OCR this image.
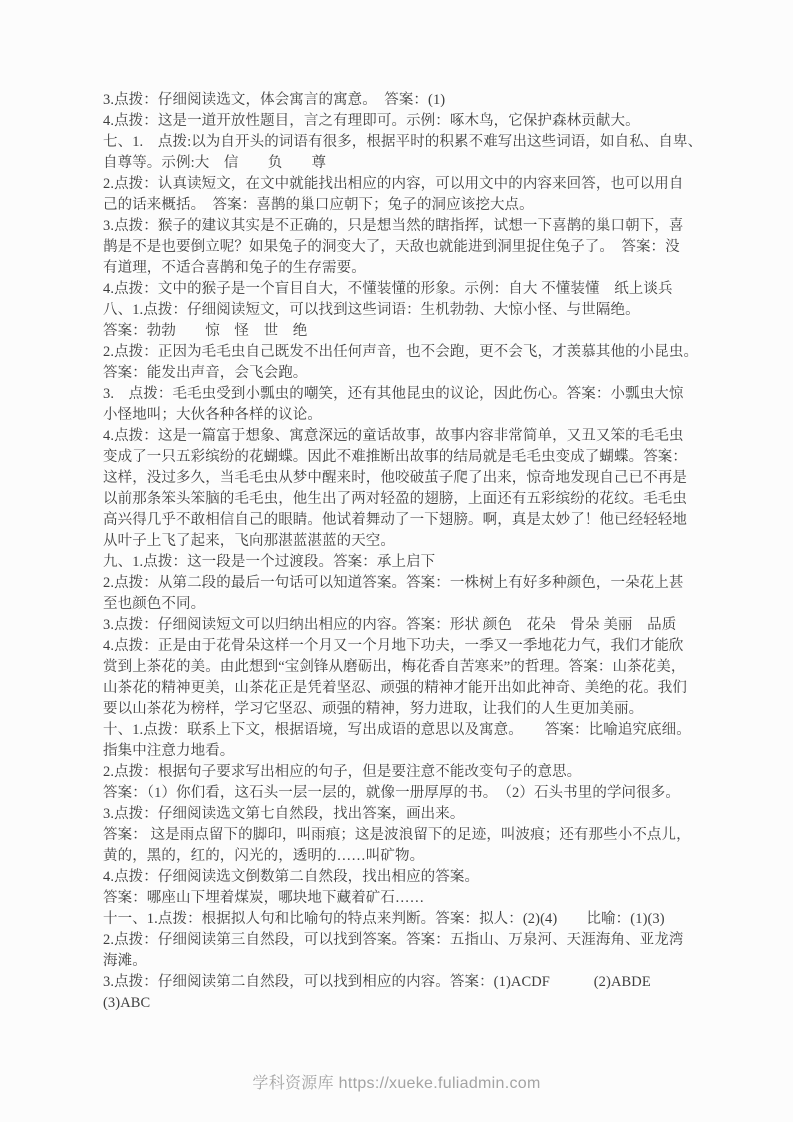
3.点拨：仔细阅读选文，体会寓言的寓意。　答案：(1)
4.点拨：这是一道开放性题目，言之有理即可。示例：啄木鸟，它保护森林贡献大。
七、1.　点拨:以为自开头的词语有很多，根据平时的积累不难写出这些词语，如自私、自卑、
自尊等。示例:大　信　　负　　尊
2.点拨：认真读短文，在文中就能找出相应的内容，可以用文中的内容来回答，也可以用自
己的话来概括。　答案：喜鹊的巢口应朝下；兔子的洞应该挖大点。
3.点拨：猴子的建议其实是不正确的，只是想当然的瞎指挥，试想一下喜鹊的巢口朝下，喜
鹊是不是也要倒立呢？如果兔子的洞变大了，天敌也就能进到洞里捉住兔子了。　答案：没
有道理，不适合喜鹊和兔子的生存需要。
4.点拨：文中的猴子是一个盲目自大，不懂装懂的形象。示例：自大 不懂装懂　纸上谈兵
八、1.点拨：仔细阅读短文，可以找到这些词语：生机勃勃、大惊小怪、与世隔绝。
答案：勃勃　　惊　怪　世　绝
2.点拨：正因为毛毛虫自己既发不出任何声音，也不会跑，更不会飞，才羡慕其他的小昆虫。
答案：能发出声音，会飞会跑。
3.　点拨：毛毛虫受到小瓢虫的嘲笑，还有其他昆虫的议论，因此伤心。答案：小瓢虫大惊
小怪地叫；大伙各种各样的议论。
4.点拨：这是一篇富于想象、寓意深远的童话故事，故事内容非常简单，又丑又笨的毛毛虫
变成了一只五彩缤纷的花蝴蝶。因此不难推断出故事的结局就是毛毛虫变成了蝴蝶。答案：
这样，没过多久，当毛毛虫从梦中醒来时，他咬破茧子爬了出来，惊奇地发现自己已不再是
以前那条笨头笨脑的毛毛虫，他生出了两对轻盈的翅膀，上面还有五彩缤纷的花纹。毛毛虫
高兴得几乎不敢相信自己的眼睛。他试着舞动了一下翅膀。啊，真是太妙了！他已经轻轻地
从叶子上飞了起来，飞向那湛蓝湛蓝的天空。
九、1.点拨：这一段是一个过渡段。答案：承上启下
2.点拨：从第二段的最后一句话可以知道答案。答案：一株树上有好多种颜色，一朵花上甚
至也颜色不同。
3.点拨：仔细阅读短文可以归纳出相应的内容。答案：形状 颜色　花朵　骨朵 美丽　品质
4.点拨：正是由于花骨朵这样一个月又一个月地下功夫，一季又一季地花力气，我们才能欣
赏到上茶花的美。由此想到“宝剑锋从磨砺出，梅花香自苦寒来”的哲理。答案：山茶花美，
山茶花的精神更美，山茶花正是凭着坚忍、顽强的精神才能开出如此神奇、美绝的花。我们
要以山茶花为榜样，学习它坚忍、顽强的精神，努力进取，让我们的人生更加美丽。
十、1.点拨：联系上下文，根据语境，写出成语的意思以及寓意。　　答案：比喻追究底细。
指集中注意力地看。
2.点拨：根据句子要求写出相应的句子，但是要注意不能改变句子的意思。
答案：（1）你们看，这石头一层一层的，就像一册厚厚的书。　（2）石头书里的学问很多。
3.点拨：仔细阅读选文第七自然段，找出答案，画出来。
答案： 这是雨点留下的脚印，叫雨痕；这是波浪留下的足迹，叫波痕；还有那些小不点儿，
黄的，黑的，红的，闪光的，透明的……叫矿物。
4.点拨：仔细阅读选文倒数第二自然段，找出相应的答案。
答案：哪座山下埋着煤炭，哪块地下藏着矿石……
十一、1.点拨：根据拟人句和比喻句的特点来判断。答案：拟人：(2)(4)　　比喻：(1)(3)
2.点拨：仔细阅读第三自然段，可以找到答案。答案：五指山、万泉河、天涯海角、亚龙湾
海滩。
3.点拨：仔细阅读第二自然段，可以找到相应的内容。答案：(1)ACDF　　　(2)ABDE
(3)ABC
学科资源库 https://xueke.fuliadmin.com
